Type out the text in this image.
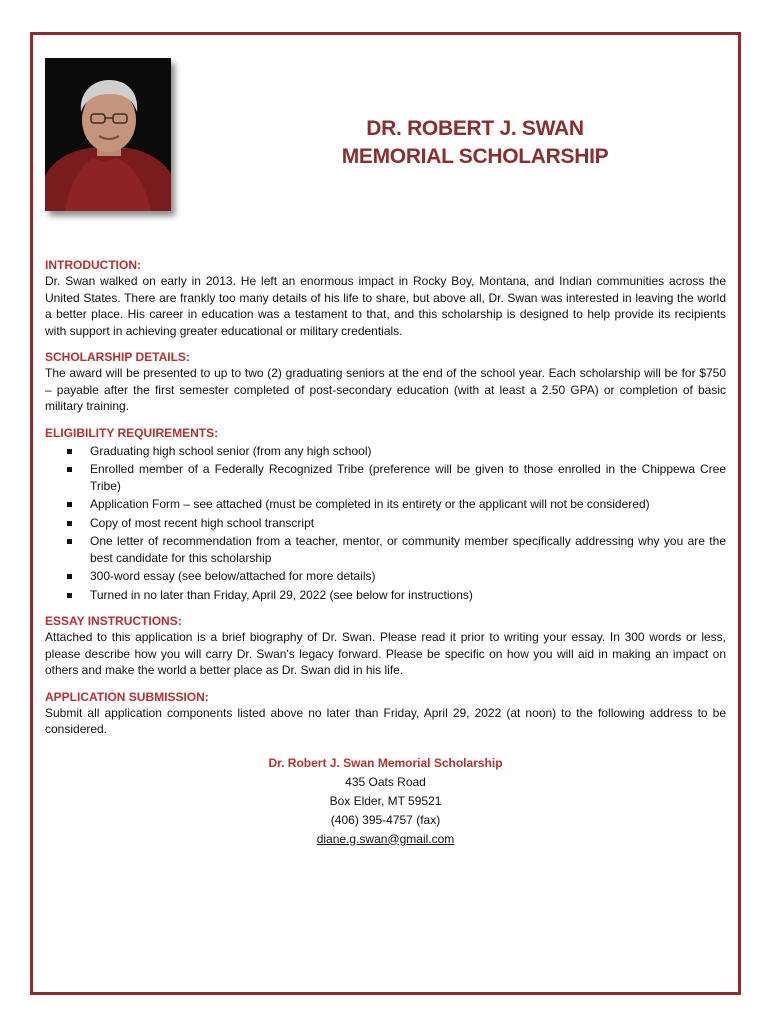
DR. ROBERT J. SWAN
MEMORIAL SCHOLARSHIP

INTRODUCTION:

Dr. Swan walked on early in 2013. He left an enormous impact in Rocky Boy, Montana, and Indian communities across the United States. There are frankly too many details of his life to share, but above all, Dr. Swan was interested in leaving the world a better place. His career in education was a testament to that, and this scholarship is designed to help provide its recipients with support in achieving greater educational or military credentials.

SCHOLARSHIP DETAILS:

The award will be presented to up to two (2) graduating seniors at the end of the school year. Each scholarship will be for $750 – payable after the first semester completed of post-secondary education (with at least a 2.50 GPA) or completion of basic military training.

ELIGIBILITY REQUIREMENTS:

Graduating high school senior (from any high school)
Enrolled member of a Federally Recognized Tribe (preference will be given to those enrolled in the Chippewa Cree Tribe)
Application Form – see attached (must be completed in its entirety or the applicant will not be considered)
Copy of most recent high school transcript
One letter of recommendation from a teacher, mentor, or community member specifically addressing why you are the best candidate for this scholarship
300-word essay (see below/attached for more details)
Turned in no later than Friday, April 29, 2022 (see below for instructions)

ESSAY INSTRUCTIONS:

Attached to this application is a brief biography of Dr. Swan. Please read it prior to writing your essay. In 300 words or less, please describe how you will carry Dr. Swan's legacy forward. Please be specific on how you will aid in making an impact on others and make the world a better place as Dr. Swan did in his life.

APPLICATION SUBMISSION:

Submit all application components listed above no later than Friday, April 29, 2022 (at noon) to the following address to be considered.

Dr. Robert J. Swan Memorial Scholarship
435 Oats Road
Box Elder, MT 59521
(406) 395-4757 (fax)
diane.g.swan@gmail.com
